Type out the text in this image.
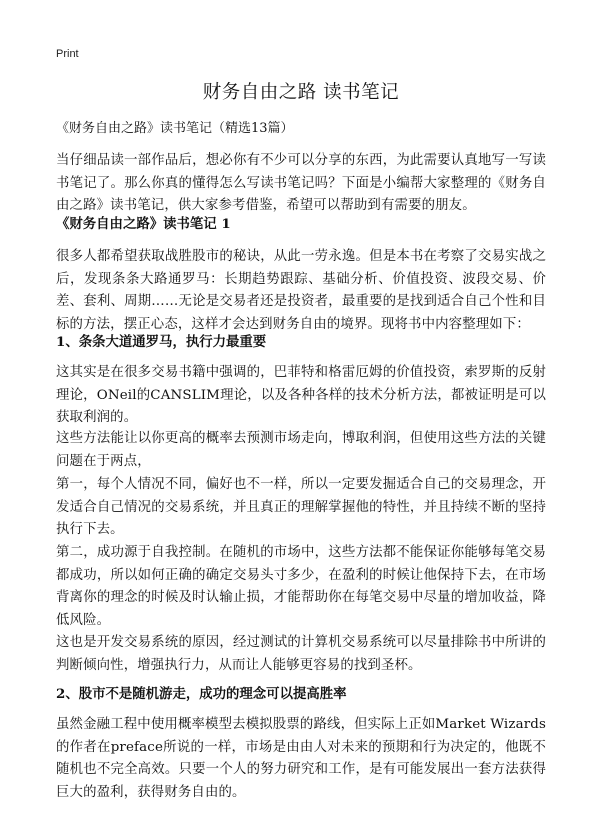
Print
财务自由之路 读书笔记
《财务自由之路》读书笔记（精选13篇）

当仔细品读一部作品后，想必你有不少可以分享的东西，为此需要认真地写一写读书笔记了。那么你真的懂得怎么写读书笔记吗？下面是小编帮大家整理的《财务自由之路》读书笔记，供大家参考借鉴，希望可以帮助到有需要的朋友。

《财务自由之路》读书笔记 1

很多人都希望获取战胜股市的秘诀，从此一劳永逸。但是本书在考察了交易实战之后，发现条条大路通罗马：长期趋势跟踪、基础分析、价值投资、波段交易、价差、套利、周期……无论是交易者还是投资者，最重要的是找到适合自己个性和目标的方法，摆正心态，这样才会达到财务自由的境界。现将书中内容整理如下：

1、条条大道通罗马，执行力最重要

这其实是在很多交易书籍中强调的，巴菲特和格雷厄姆的价值投资，索罗斯的反射理论，ONeil的CANSLIM理论，以及各种各样的技术分析方法，都被证明是可以获取利润的。

这些方法能让以你更高的概率去预测市场走向，博取利润，但使用这些方法的关键问题在于两点，

第一，每个人情况不同，偏好也不一样，所以一定要发掘适合自己的交易理念，开发适合自己情况的交易系统，并且真正的理解掌握他的特性，并且持续不断的坚持执行下去。

第二，成功源于自我控制。在随机的市场中，这些方法都不能保证你能够每笔交易都成功，所以如何正确的确定交易头寸多少，在盈利的时候让他保持下去，在市场背离你的理念的时候及时认输止损，才能帮助你在每笔交易中尽量的增加收益，降低风险。

这也是开发交易系统的原因，经过测试的计算机交易系统可以尽量排除书中所讲的判断倾向性，增强执行力，从而让人能够更容易的找到圣杯。

2、股市不是随机游走，成功的理念可以提高胜率

虽然金融工程中使用概率模型去模拟股票的路线，但实际上正如Market Wizards的作者在preface所说的一样，市场是由由人对未来的预期和行为决定的，他既不随机也不完全高效。只要一个人的努力研究和工作，是有可能发展出一套方法获得巨大的盈利，获得财务自由的。
